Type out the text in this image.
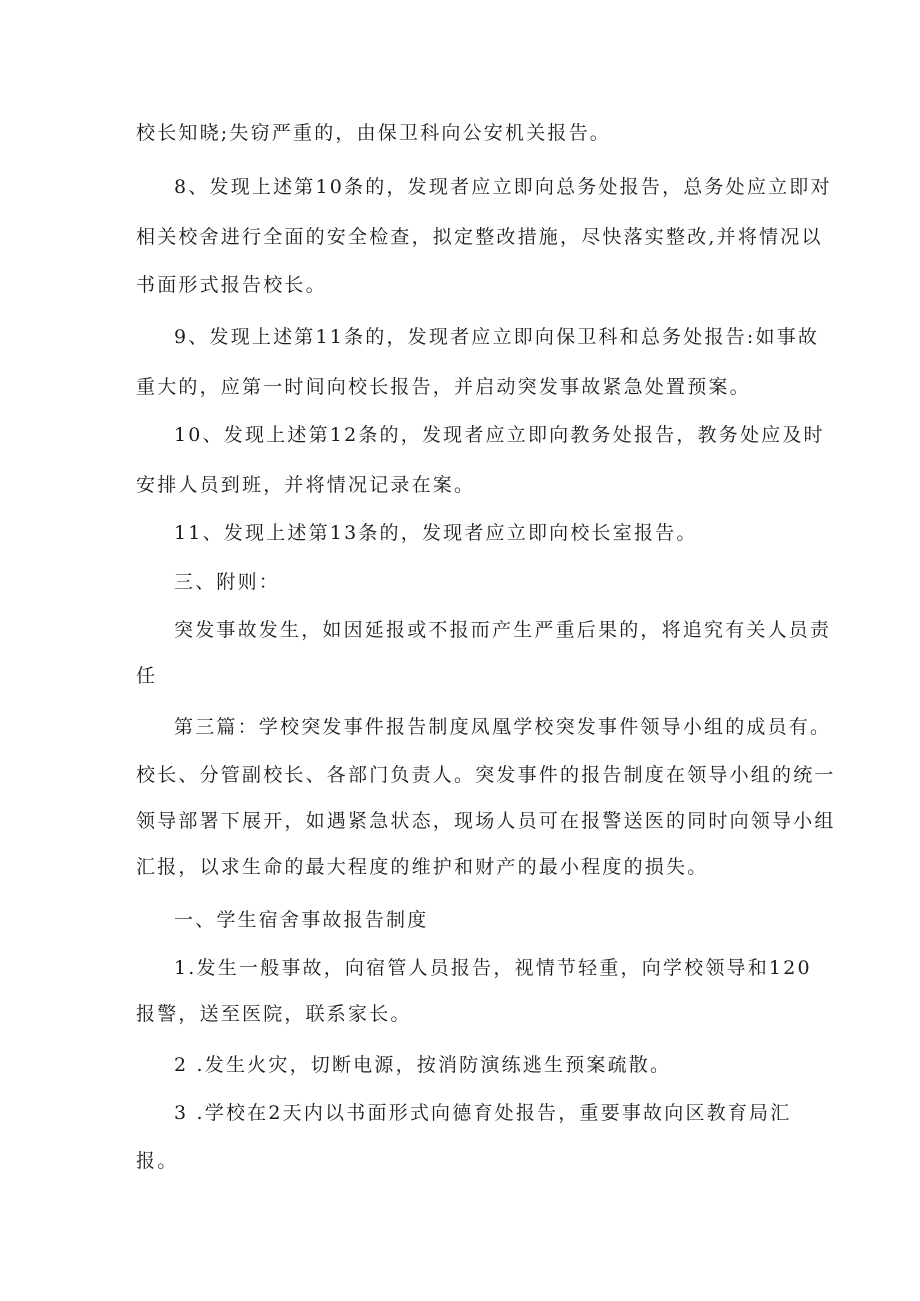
校长知晓;失窃严重的，由保卫科向公安机关报告。
8、发现上述第10条的，发现者应立即向总务处报告，总务处应立即对
相关校舍进行全面的安全检查，拟定整改措施，尽快落实整改,并将情况以
书面形式报告校长。
9、发现上述第11条的，发现者应立即向保卫科和总务处报告:如事故
重大的，应第一时间向校长报告，并启动突发事故紧急处置预案。
10、发现上述第12条的，发现者应立即向教务处报告，教务处应及时
安排人员到班，并将情况记录在案。
11、发现上述第13条的，发现者应立即向校长室报告。
三、附则：
突发事故发生，如因延报或不报而产生严重后果的，将追究有关人员责
任
第三篇：学校突发事件报告制度凤凰学校突发事件领导小组的成员有。
校长、分管副校长、各部门负责人。突发事件的报告制度在领导小组的统一
领导部署下展开，如遇紧急状态，现场人员可在报警送医的同时向领导小组
汇报，以求生命的最大程度的维护和财产的最小程度的损失。
一、学生宿舍事故报告制度
1.发生一般事故，向宿管人员报告，视情节轻重，向学校领导和120
报警，送至医院，联系家长。
2 .发生火灾，切断电源，按消防演练逃生预案疏散。
3 .学校在2天内以书面形式向德育处报告，重要事故向区教育局汇
报。
